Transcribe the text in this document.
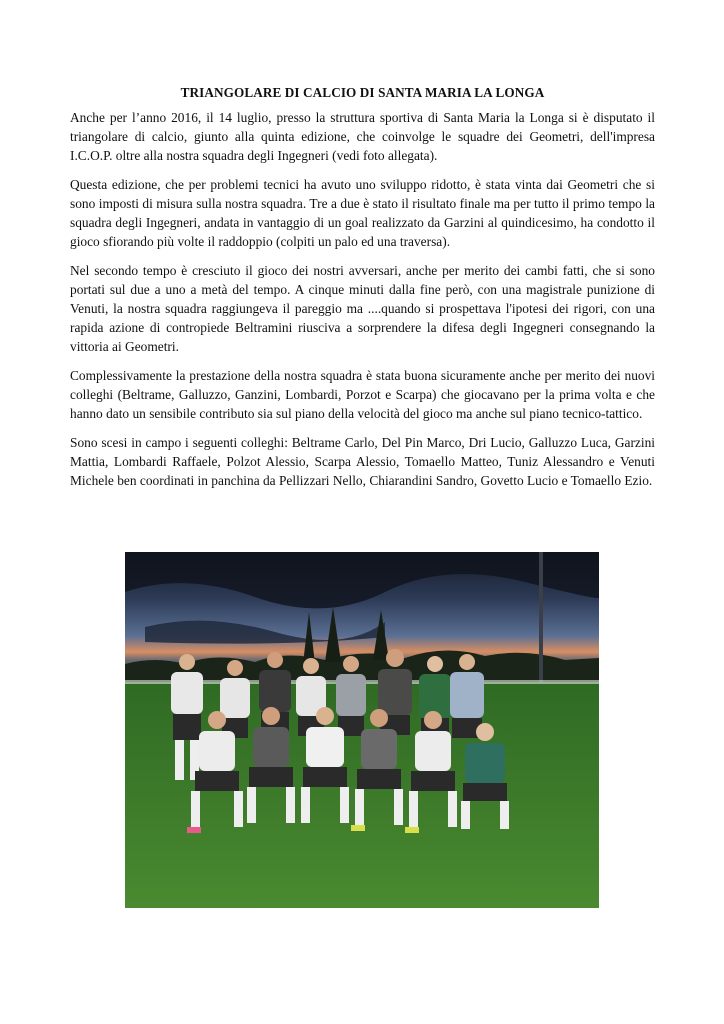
TRIANGOLARE DI CALCIO DI SANTA MARIA LA LONGA

Anche per l’anno 2016, il 14 luglio, presso la struttura sportiva di Santa Maria la Longa si è disputato il triangolare di calcio, giunto alla quinta edizione, che coinvolge le squadre dei Geometri, dell'impresa I.C.O.P. oltre alla nostra squadra degli Ingegneri (vedi foto allegata).

Questa edizione, che per problemi tecnici ha avuto uno sviluppo ridotto, è stata vinta dai Geometri che si sono imposti di misura sulla nostra squadra. Tre a due è stato il risultato finale ma per tutto il primo tempo la squadra degli Ingegneri, andata in vantaggio di un goal realizzato da Garzini al quindicesimo, ha condotto il gioco sfiorando più volte il raddoppio (colpiti un palo ed una traversa).

Nel secondo tempo è cresciuto il gioco dei nostri avversari, anche per merito dei cambi fatti, che si sono portati sul due a uno a metà del tempo. A cinque minuti dalla fine però, con una magistrale punizione di Venuti, la nostra squadra raggiungeva il pareggio ma ....quando si prospettava l'ipotesi dei rigori, con una rapida azione di contropiede Beltramini riusciva a sorprendere la difesa degli Ingegneri consegnando la vittoria ai Geometri.

Complessivamente la prestazione della nostra squadra è stata buona sicuramente anche per merito dei nuovi colleghi (Beltrame, Galluzzo, Ganzini, Lombardi, Porzot e Scarpa) che giocavano per la prima volta e che hanno dato un sensibile contributo sia sul piano della velocità del gioco ma anche sul piano tecnico-tattico.

Sono scesi in campo i seguenti colleghi: Beltrame Carlo, Del Pin Marco, Dri Lucio, Galluzzo Luca, Garzini Mattia, Lombardi Raffaele, Polzot Alessio, Scarpa Alessio, Tomaello Matteo, Tuniz Alessandro e Venuti Michele ben coordinati in panchina da Pellizzari Nello, Chiarandini Sandro, Govetto Lucio e Tomaello Ezio.
